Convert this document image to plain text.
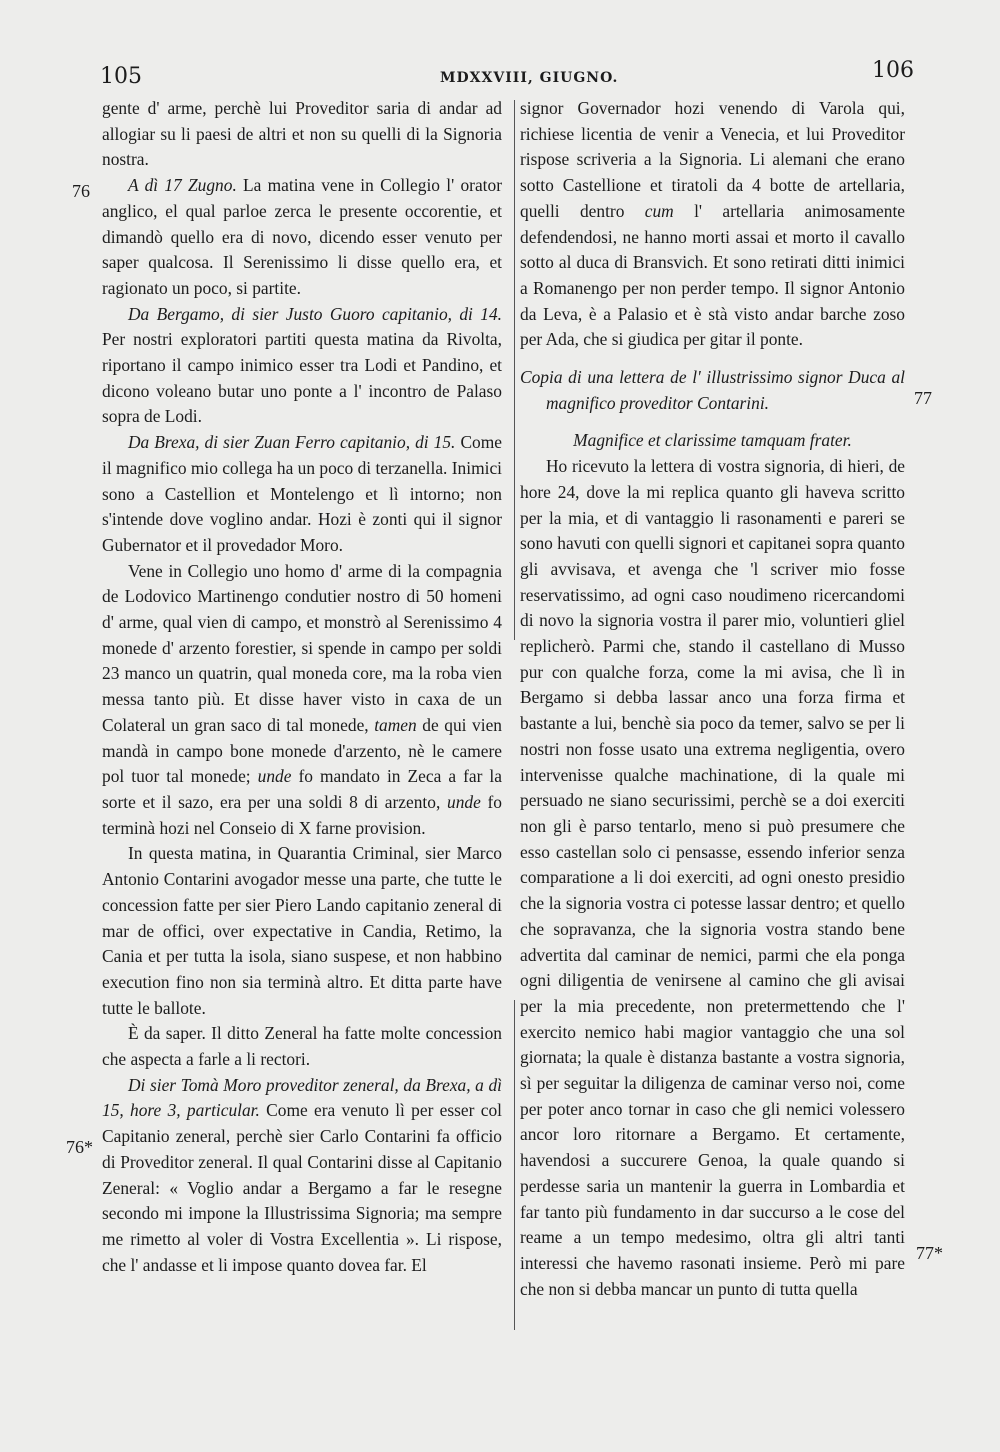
105	MDXXVIII, GIUGNO.	106
76
76*
77
77*

gente d' arme, perchè lui Proveditor saria di andar ad allogiar su li paesi de altri et non su quelli di la Signoria nostra.

A dì 17 Zugno. La matina vene in Collegio l' orator anglico, el qual parloe zerca le presente occorentie, et dimandò quello era di novo, dicendo esser venuto per saper qualcosa. Il Serenissimo li disse quello era, et ragionato un poco, si partite.

Da Bergamo, di sier Justo Guoro capitanio, di 14. Per nostri exploratori partiti questa matina da Rivolta, riportano il campo inimico esser tra Lodi et Pandino, et dicono voleano butar uno ponte a l' incontro de Palaso sopra de Lodi.

Da Brexa, di sier Zuan Ferro capitanio, di 15. Come il magnifico mio collega ha un poco di terzanella. Inimici sono a Castellion et Montelengo et lì intorno; non s'intende dove voglino andar. Hozi è zonti qui il signor Gubernator et il provedador Moro.

Vene in Collegio uno homo d' arme di la compagnia de Lodovico Martinengo condutier nostro di 50 homeni d' arme, qual vien di campo, et monstrò al Serenissimo 4 monede d' arzento forestier, si spende in campo per soldi 23 manco un quatrin, qual moneda core, ma la roba vien messa tanto più. Et disse haver visto in caxa de un Colateral un gran saco di tal monede, tamen de qui vien mandà in campo bone monede d'arzento, nè le camere pol tuor tal monede; unde fo mandato in Zeca a far la sorte et il sazo, era per una soldi 8 di arzento, unde fo terminà hozi nel Conseio di X farne provision.

In questa matina, in Quarantia Criminal, sier Marco Antonio Contarini avogador messe una parte, che tutte le concession fatte per sier Piero Lando capitanio zeneral di mar de offici, over expectative in Candia, Retimo, la Cania et per tutta la isola, siano suspese, et non habbino execution fino non sia terminà altro. Et ditta parte have tutte le ballote.

È da saper. Il ditto Zeneral ha fatte molte concession che aspecta a farle a li rectori.

Di sier Tomà Moro proveditor zeneral, da Brexa, a dì 15, hore 3, particular. Come era venuto lì per esser col Capitanio zeneral, perchè sier Carlo Contarini fa officio di Proveditor zeneral. Il qual Contarini disse al Capitanio Zeneral: « Voglio andar a Bergamo a far le resegne secondo mi impone la Illustrissima Signoria; ma sempre me rimetto al voler di Vostra Excellentia ». Li rispose, che l' andasse et li impose quanto dovea far. El

signor Governador hozi venendo di Varola qui, richiese licentia de venir a Venecia, et lui Proveditor rispose scriveria a la Signoria. Li alemani che erano sotto Castellione et tiratoli da 4 botte de artellaria, quelli dentro cum l' artellaria animosamente defendendosi, ne hanno morti assai et morto il cavallo sotto al duca di Bransvich. Et sono retirati ditti inimici a Romanengo per non perder tempo. Il signor Antonio da Leva, è a Palasio et è stà visto andar barche zoso per Ada, che si giudica per gitar il ponte.

Copia di una lettera de l' illustrissimo signor Duca al magnifico proveditor Contarini.

Magnifice et clarissime tamquam frater.

Ho ricevuto la lettera di vostra signoria, di hieri, de hore 24, dove la mi replica quanto gli haveva scritto per la mia, et di vantaggio li rasonamenti e pareri se sono havuti con quelli signori et capitanei sopra quanto gli avvisava, et avenga che 'l scriver mio fosse reservatissimo, ad ogni caso noudimeno ricercandomi di novo la signoria vostra il parer mio, voluntieri gliel replicherò. Parmi che, stando il castellano di Musso pur con qualche forza, come la mi avisa, che lì in Bergamo si debba lassar anco una forza firma et bastante a lui, benchè sia poco da temer, salvo se per li nostri non fosse usato una extrema negligentia, overo intervenisse qualche machinatione, di la quale mi persuado ne siano securissimi, perchè se a doi exerciti non gli è parso tentarlo, meno si può presumere che esso castellan solo ci pensasse, essendo inferior senza comparatione a li doi exerciti, ad ogni onesto presidio che la signoria vostra ci potesse lassar dentro; et quello che sopravanza, che la signoria vostra stando bene advertita dal caminar de nemici, parmi che ela ponga ogni diligentia de venirsene al camino che gli avisai per la mia precedente, non pretermettendo che l' exercito nemico habi magior vantaggio che una sol giornata; la quale è distanza bastante a vostra signoria, sì per seguitar la diligenza de caminar verso noi, come per poter anco tornar in caso che gli nemici volessero ancor loro ritornare a Bergamo. Et certamente, havendosi a succurere Genoa, la quale quando si perdesse saria un mantenir la guerra in Lombardia et far tanto più fundamento in dar succurso a le cose del reame a un tempo medesimo, oltra gli altri tanti interessi che havemo rasonati insieme. Però mi pare che non si debba mancar un punto di tutta quella
